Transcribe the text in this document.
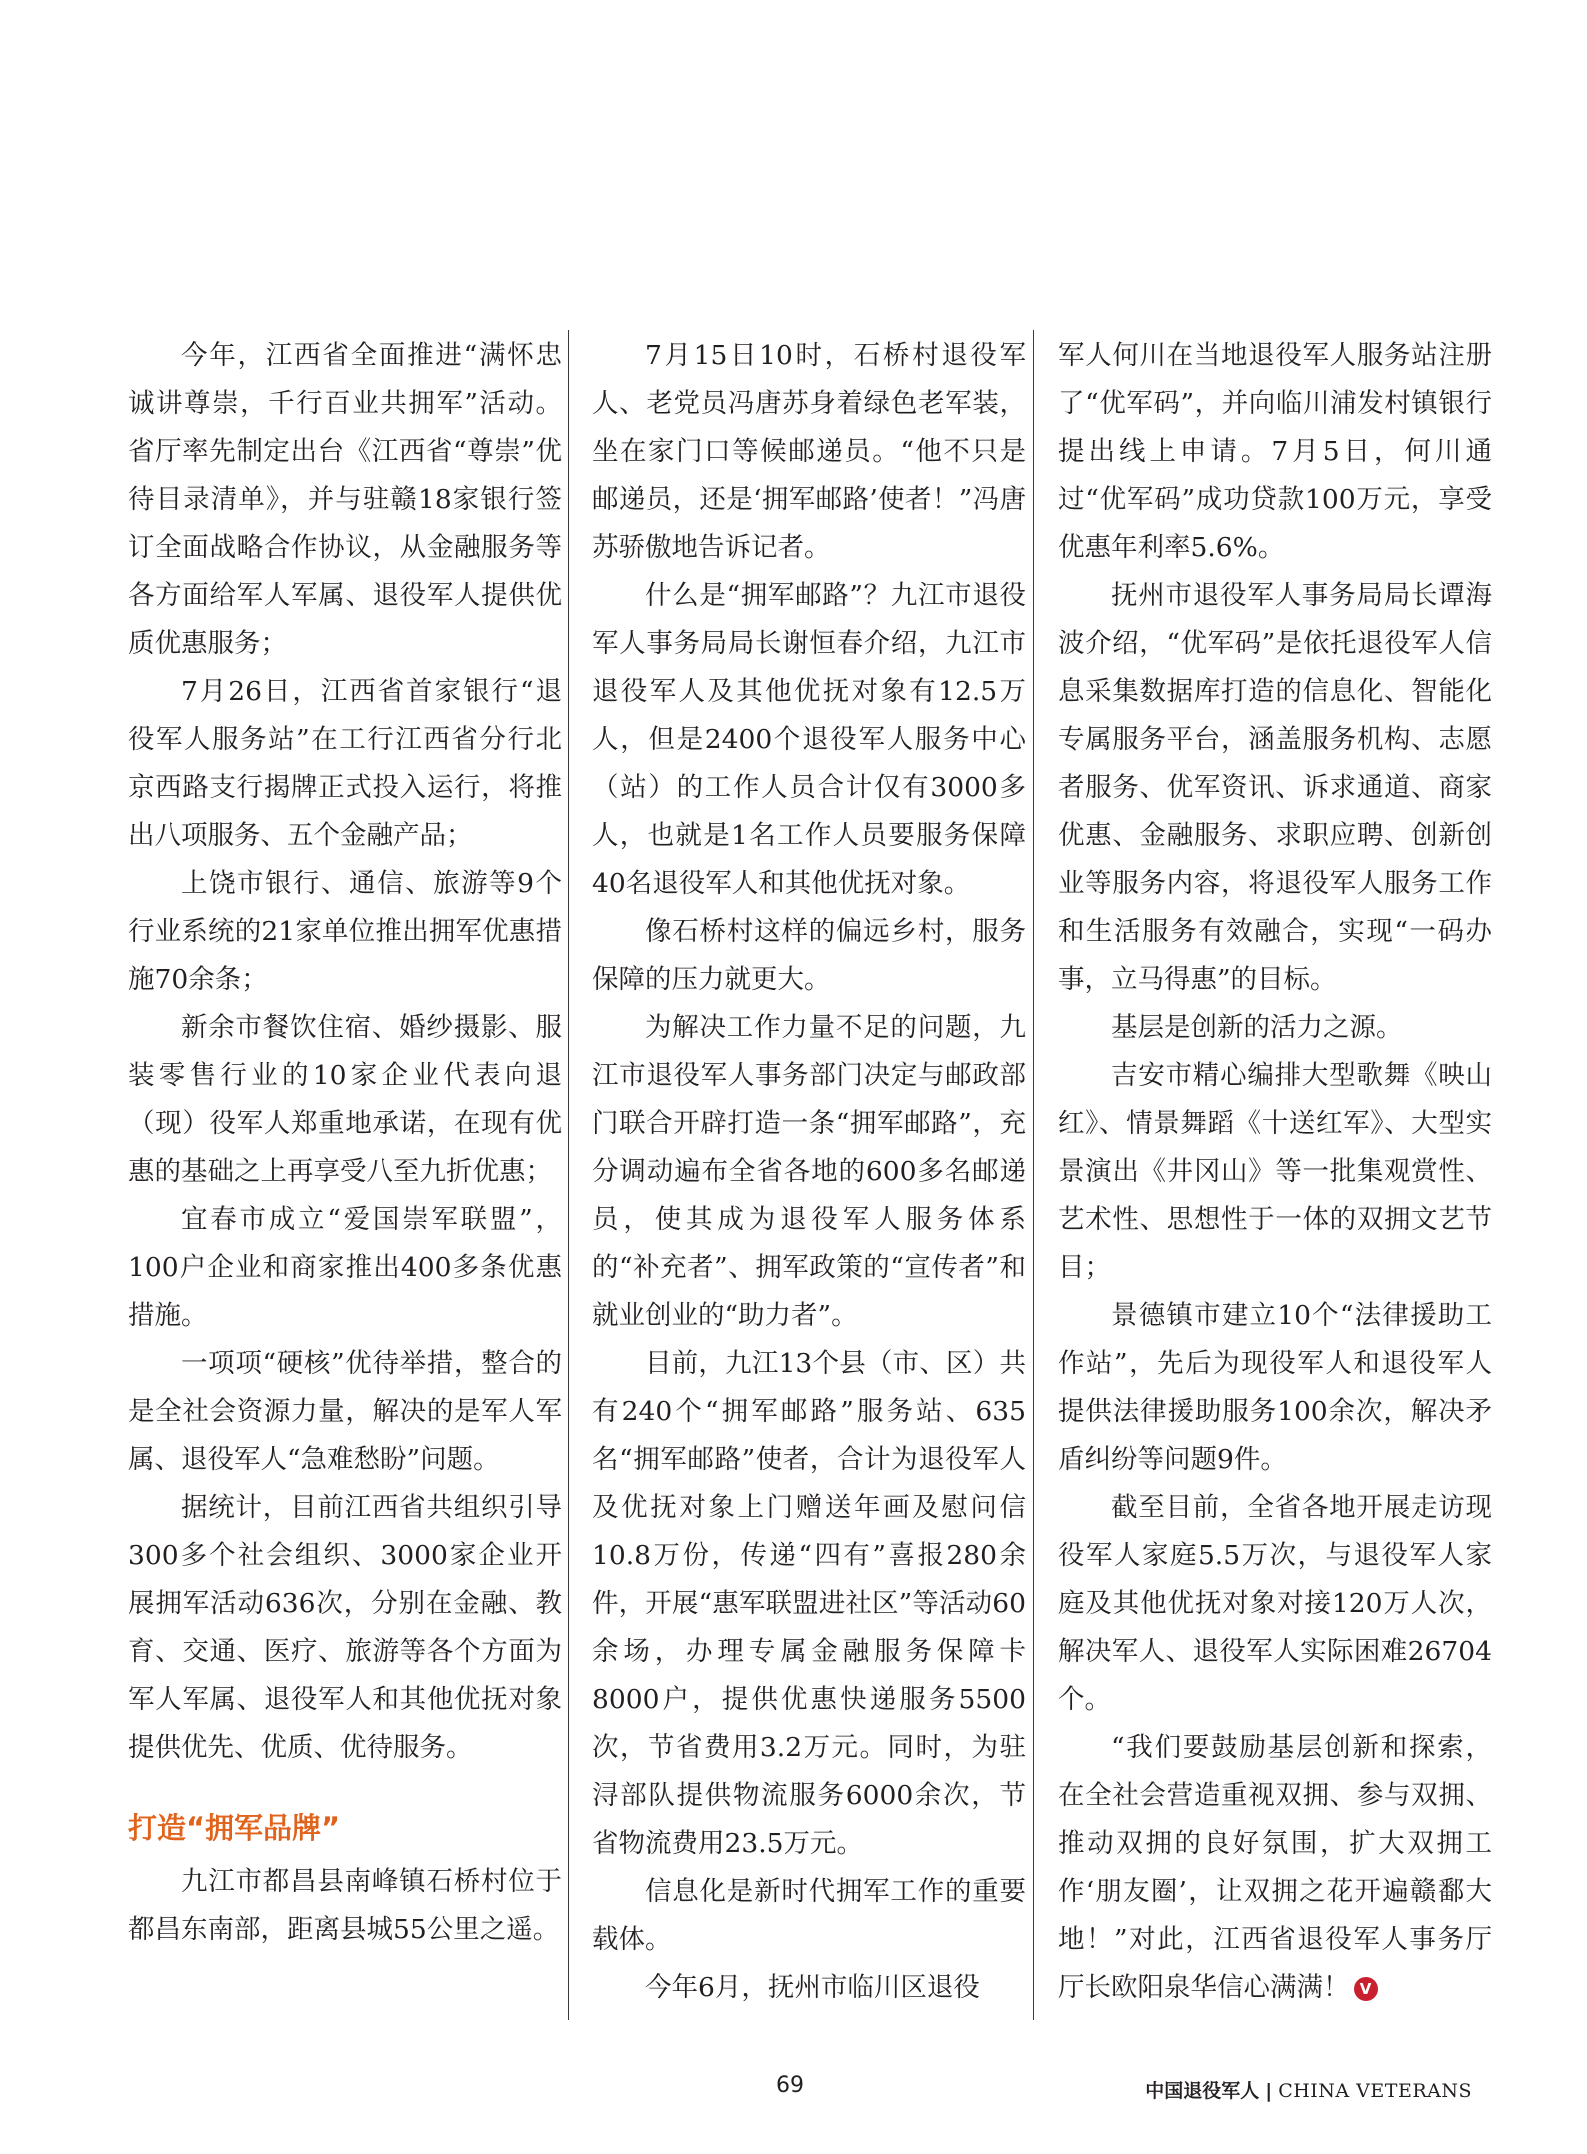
今年，江西省全面推进“满怀忠诚讲尊崇，千行百业共拥军”活动。省厅率先制定出台《江西省“尊崇”优待目录清单》，并与驻赣18家银行签订全面战略合作协议，从金融服务等各方面给军人军属、退役军人提供优质优惠服务；

7月26日，江西省首家银行“退役军人服务站”在工行江西省分行北京西路支行揭牌正式投入运行，将推出八项服务、五个金融产品；

上饶市银行、通信、旅游等9个行业系统的21家单位推出拥军优惠措施70余条；

新余市餐饮住宿、婚纱摄影、服装零售行业的10家企业代表向退（现）役军人郑重地承诺，在现有优惠的基础之上再享受八至九折优惠；

宜春市成立“爱国崇军联盟”，100户企业和商家推出400多条优惠措施。

一项项“硬核”优待举措，整合的是全社会资源力量，解决的是军人军属、退役军人“急难愁盼”问题。

据统计，目前江西省共组织引导300多个社会组织、3000家企业开展拥军活动636次，分别在金融、教育、交通、医疗、旅游等各个方面为军人军属、退役军人和其他优抚对象提供优先、优质、优待服务。

打造“拥军品牌”

九江市都昌县南峰镇石桥村位于都昌东南部，距离县城55公里之遥。

7月15日10时，石桥村退役军人、老党员冯唐苏身着绿色老军装，坐在家门口等候邮递员。“他不只是邮递员，还是‘拥军邮路’使者！”冯唐苏骄傲地告诉记者。

什么是“拥军邮路”？九江市退役军人事务局局长谢恒春介绍，九江市退役军人及其他优抚对象有12.5万人，但是2400个退役军人服务中心（站）的工作人员合计仅有3000多人，也就是1名工作人员要服务保障40名退役军人和其他优抚对象。

像石桥村这样的偏远乡村，服务保障的压力就更大。

为解决工作力量不足的问题，九江市退役军人事务部门决定与邮政部门联合开辟打造一条“拥军邮路”，充分调动遍布全省各地的600多名邮递员，使其成为退役军人服务体系的“补充者”、拥军政策的“宣传者”和就业创业的“助力者”。

目前，九江13个县（市、区）共有240个“拥军邮路”服务站、635名“拥军邮路”使者，合计为退役军人及优抚对象上门赠送年画及慰问信10.8万份，传递“四有”喜报280余件，开展“惠军联盟进社区”等活动60余场，办理专属金融服务保障卡8000户，提供优惠快递服务5500次，节省费用3.2万元。同时，为驻浔部队提供物流服务6000余次，节省物流费用23.5万元。

信息化是新时代拥军工作的重要载体。

今年6月，抚州市临川区退役

军人何川在当地退役军人服务站注册了“优军码”，并向临川浦发村镇银行提出线上申请。7月5日，何川通过“优军码”成功贷款100万元，享受优惠年利率5.6%。

抚州市退役军人事务局局长谭海波介绍，“优军码”是依托退役军人信息采集数据库打造的信息化、智能化专属服务平台，涵盖服务机构、志愿者服务、优军资讯、诉求通道、商家优惠、金融服务、求职应聘、创新创业等服务内容，将退役军人服务工作和生活服务有效融合，实现“一码办事，立马得惠”的目标。

基层是创新的活力之源。

吉安市精心编排大型歌舞《映山红》、情景舞蹈《十送红军》、大型实景演出《井冈山》等一批集观赏性、艺术性、思想性于一体的双拥文艺节目；

景德镇市建立10个“法律援助工作站”，先后为现役军人和退役军人提供法律援助服务100余次，解决矛盾纠纷等问题9件。

截至目前，全省各地开展走访现役军人家庭5.5万次，与退役军人家庭及其他优抚对象对接120万人次，解决军人、退役军人实际困难26704个。

“我们要鼓励基层创新和探索，在全社会营造重视双拥、参与双拥、推动双拥的良好氛围，扩大双拥工作‘朋友圈’，让双拥之花开遍赣鄱大地！”对此，江西省退役军人事务厅厅长欧阳泉华信心满满！ V

69	中国退役军人 | CHINA VETERANS
